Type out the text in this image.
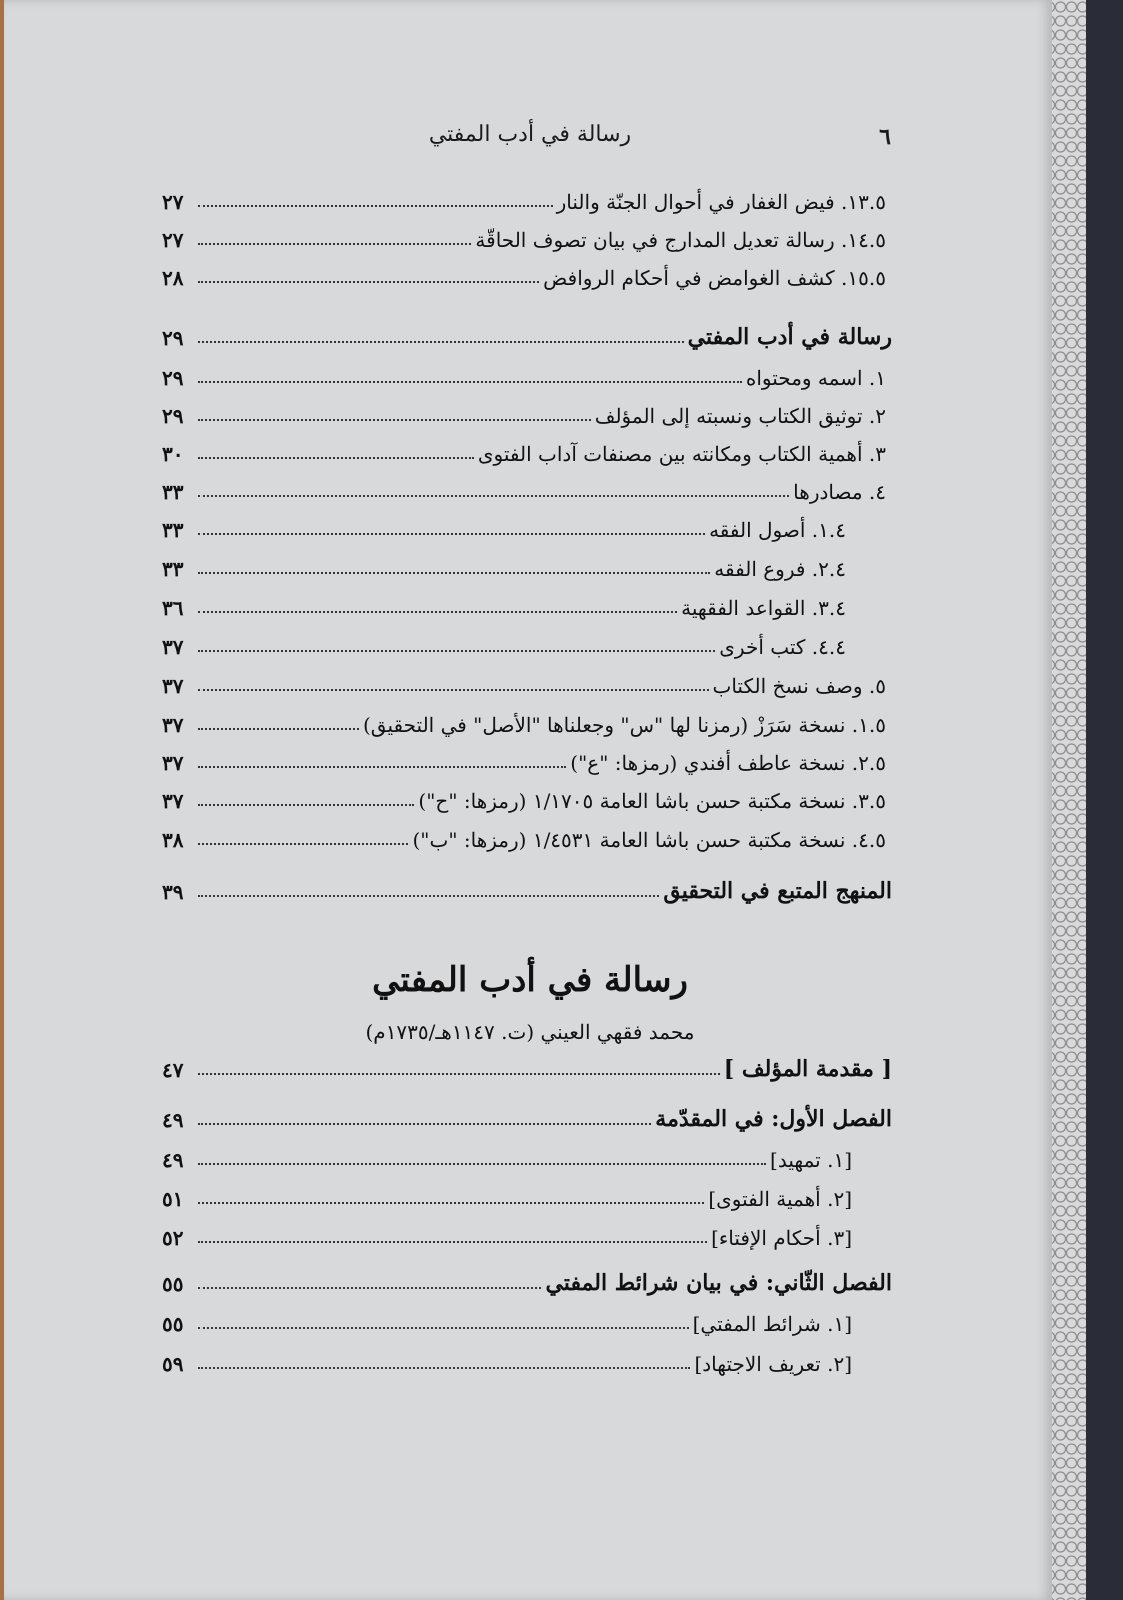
٦
رسالة في أدب المفتي
١٣.٥. فيض الغفار في أحوال الجنّة والنار
٢٧
١٤.٥. رسالة تعديل المدارج في بيان تصوف الحاقّة
٢٧
١٥.٥. كشف الغوامض في أحكام الروافض
٢٨
رسالة في أدب المفتي
٢٩
١. اسمه ومحتواه
٢٩
٢. توثيق الكتاب ونسبته إلى المؤلف
٢٩
٣. أهمية الكتاب ومكانته بين مصنفات آداب الفتوى
٣٠
٤. مصادرها
٣٣
١.٤. أصول الفقه
٣٣
٢.٤. فروع الفقه
٣٣
٣.٤. القواعد الفقهية
٣٦
٤.٤. كتب أخرى
٣٧
٥. وصف نسخ الكتاب
٣٧
١.٥. نسخة سَرَزْ (رمزنا لها "س" وجعلناها "الأصل" في التحقيق)
٣٧
٢.٥. نسخة عاطف أفندي (رمزها: "ع")
٣٧
٣.٥. نسخة مكتبة حسن باشا العامة ١/١٧٠٥ (رمزها: "ح")
٣٧
٤.٥. نسخة مكتبة حسن باشا العامة ١/٤٥٣١ (رمزها: "ب")
٣٨
المنهج المتبع في التحقيق
٣٩
رسالة في أدب المفتي
محمد فقهي العيني (ت. ١١٤٧هـ/١٧٣٥م)
[ مقدمة المؤلف ]
٤٧
الفصل الأول: في المقدّمة
٤٩
[١. تمهيد]
٤٩
[٢. أهمية الفتوى]
٥١
[٣. أحكام الإفتاء]
٥٢
الفصل الثّاني: في بيان شرائط المفتي
٥٥
[١. شرائط المفتي]
٥٥
[٢. تعريف الاجتهاد]
٥٩
